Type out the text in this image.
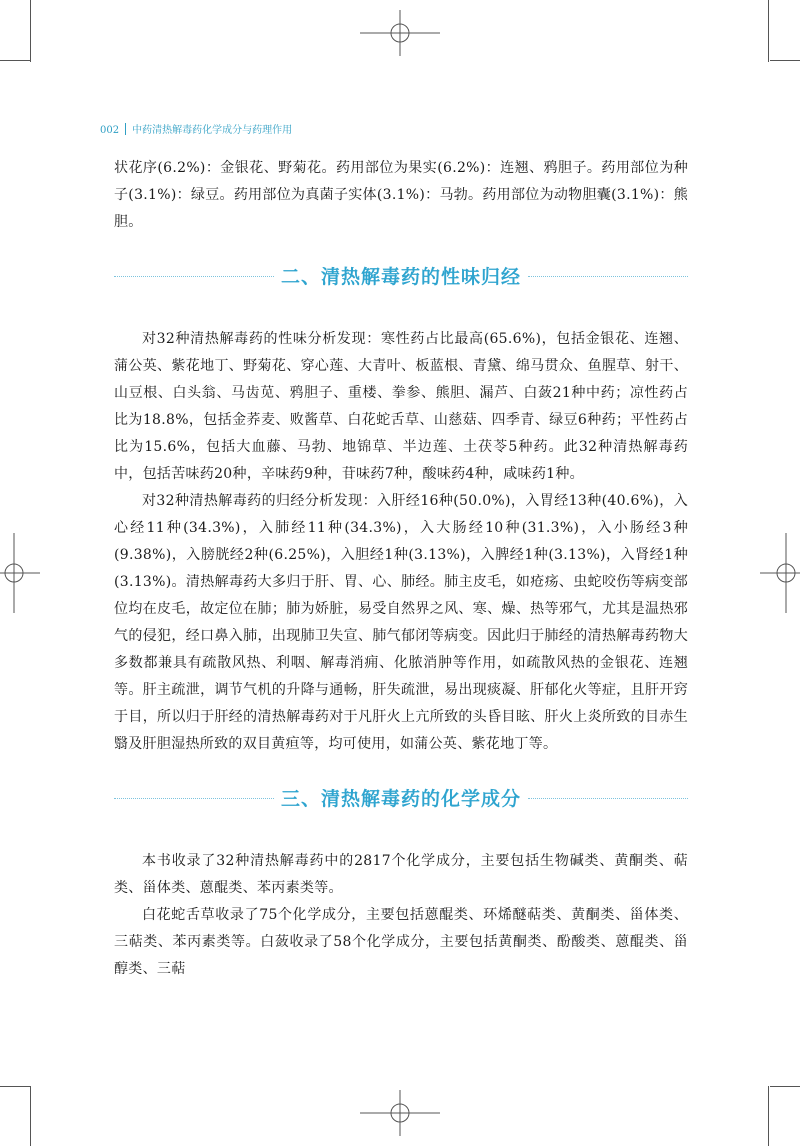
002 中药清热解毒药化学成分与药理作用

状花序(6.2%)：金银花、野菊花。药用部位为果实(6.2%)：连翘、鸦胆子。药用部位为种子(3.1%)：绿豆。药用部位为真菌子实体(3.1%)：马勃。药用部位为动物胆囊(3.1%)：熊胆。

二、清热解毒药的性味归经

对32种清热解毒药的性味分析发现：寒性药占比最高(65.6%)，包括金银花、连翘、蒲公英、紫花地丁、野菊花、穿心莲、大青叶、板蓝根、青黛、绵马贯众、鱼腥草、射干、山豆根、白头翁、马齿苋、鸦胆子、重楼、拳参、熊胆、漏芦、白蔹21种中药；凉性药占比为18.8%，包括金荞麦、败酱草、白花蛇舌草、山慈菇、四季青、绿豆6种药；平性药占比为15.6%，包括大血藤、马勃、地锦草、半边莲、土茯苓5种药。此32种清热解毒药中，包括苦味药20种，辛味药9种，苷味药7种，酸味药4种，咸味药1种。

对32种清热解毒药的归经分析发现：入肝经16种(50.0%)，入胃经13种(40.6%)，入心经11种(34.3%)，入肺经11种(34.3%)，入大肠经10种(31.3%)，入小肠经3种(9.38%)，入膀胱经2种(6.25%)，入胆经1种(3.13%)，入脾经1种(3.13%)，入肾经1种(3.13%)。清热解毒药大多归于肝、胃、心、肺经。肺主皮毛，如疮疡、虫蛇咬伤等病变部位均在皮毛，故定位在肺；肺为娇脏，易受自然界之风、寒、燥、热等邪气，尤其是温热邪气的侵犯，经口鼻入肺，出现肺卫失宣、肺气郁闭等病变。因此归于肺经的清热解毒药物大多数都兼具有疏散风热、利咽、解毒消痈、化脓消肿等作用，如疏散风热的金银花、连翘等。肝主疏泄，调节气机的升降与通畅，肝失疏泄，易出现痰凝、肝郁化火等症，且肝开窍于目，所以归于肝经的清热解毒药对于凡肝火上亢所致的头昏目眩、肝火上炎所致的目赤生翳及肝胆湿热所致的双目黄疸等，均可使用，如蒲公英、紫花地丁等。

三、清热解毒药的化学成分

本书收录了32种清热解毒药中的2817个化学成分，主要包括生物碱类、黄酮类、萜类、甾体类、蒽醌类、苯丙素类等。

白花蛇舌草收录了75个化学成分，主要包括蒽醌类、环烯醚萜类、黄酮类、甾体类、三萜类、苯丙素类等。白蔹收录了58个化学成分，主要包括黄酮类、酚酸类、蒽醌类、甾醇类、三萜
